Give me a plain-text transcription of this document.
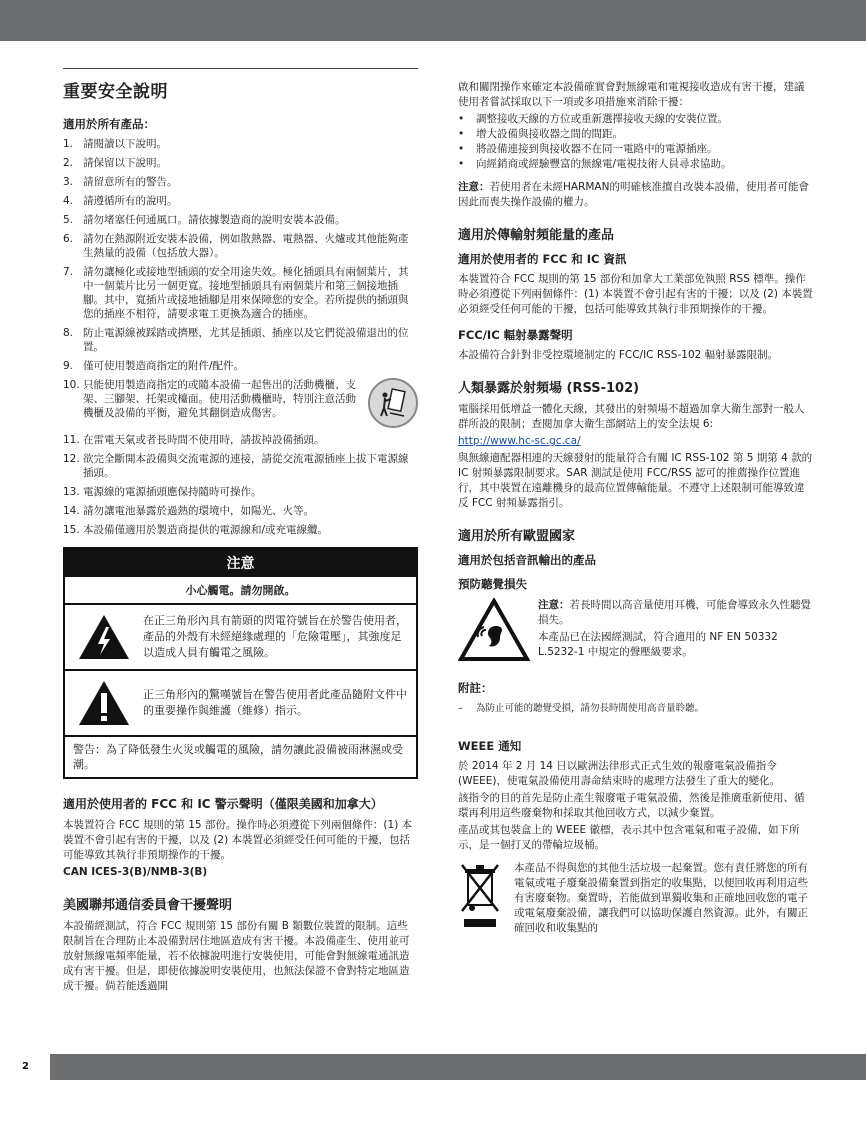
重要安全說明
適用於所有產品：
1. 請閱讀以下說明。
2. 請保留以下說明。
3. 請留意所有的警告。
4. 請遵循所有的說明。
5. 請勿堵塞任何通風口。請依據製造商的說明安裝本設備。
6. 請勿在熱源附近安裝本設備，例如散熱器、電熱器、火爐或其他能夠產生熱量的設備（包括放大器）。
7. 請勿讓極化或接地型插頭的安全用途失效。極化插頭具有兩個葉片，其中一個葉片比另一個更寬。接地型插頭具有兩個葉片和第三個接地插腳。其中，寬插片或接地插腳是用來保障您的安全。若所提供的插頭與您的插座不相符，請要求電工更換為適合的插座。
8. 防止電源線被踩踏或擠壓，尤其是插頭、插座以及它們從設備退出的位置。
9. 僅可使用製造商指定的附件/配件。
10. 只能使用製造商指定的或隨本設備一起售出的活動機櫃、支架、三腳架、托架或檯面。使用活動機櫃時，特別注意活動機櫃及設備的平衡，避免其翻倒造成傷害。
11. 在雷電天氣或者長時間不使用時，請拔掉設備插頭。
12. 欲完全斷開本設備與交流電源的連接，請從交流電源插座上拔下電源線插頭。
13. 電源線的電源插頭應保持隨時可操作。
14. 請勿讓電池暴露於過熱的環境中，如陽光、火等。
15. 本設備僅適用於製造商提供的電源線和/或充電線纜。
注意
小心觸電。請勿開啟。
在正三角形內具有箭頭的閃電符號旨在於警告使用者，產品的外殼有未經絕緣處理的「危險電壓」，其強度足以造成人員有觸電之風險。
正三角形內的驚嘆號旨在警告使用者此產品隨附文件中的重要操作與維護（維修）指示。
警告：為了降低發生火災或觸電的風險，請勿讓此設備被雨淋濕或受潮。
適用於使用者的 FCC 和 IC 警示聲明（僅限美國和加拿大）

本裝置符合 FCC 規則的第 15 部份。操作時必須遵從下列兩個條件：(1) 本裝置不會引起有害的干擾，以及 (2) 本裝置必須經受任何可能的干擾，包括可能導致其執行非預期操作的干擾。

CAN ICES-3(B)/NMB-3(B)

美國聯邦通信委員會干擾聲明

本設備經測試，符合 FCC 規則第 15 部份有關 B 類數位裝置的限制。這些限制旨在合理防止本設備對居住地區造成有害干擾。本設備產生、使用並可放射無線電頻率能量，若不依據說明進行安裝使用，可能會對無線電通訊造成有害干擾。但是，即使依據說明安裝使用，也無法保證不會對特定地區造成干擾。倘若能透過開

啟和關閉操作來確定本設備確實會對無線電和電視接收造成有害干擾，建議使用者嘗試採取以下一項或多項措施來消除干擾：

•	調整接收天線的方位或重新選擇接收天線的安裝位置。
•	增大設備與接收器之間的間距。
•	將設備連接到與接收器不在同一電路中的電源插座。
•	向經銷商或經驗豐富的無線電/電視技術人員尋求協助。

注意：若使用者在未經HARMAN的明確核准擅自改裝本設備，使用者可能會因此而喪失操作設備的權力。

適用於傳輸射頻能量的產品
適用於使用者的 FCC 和 IC 資訊

本裝置符合 FCC 規則的第 15 部份和加拿大工業部免執照 RSS 標準。操作時必須遵從下列兩個條件：(1) 本裝置不會引起有害的干擾；以及 (2) 本裝置必須經受任何可能的干擾，包括可能導致其執行非預期操作的干擾。

FCC/IC 輻射暴露聲明

本設備符合針對非受控環境制定的 FCC/IC RSS-102 輻射暴露限制。

人類暴露於射頻場 (RSS-102)

電腦採用低增益一體化天線，其發出的射頻場不超過加拿大衛生部對一般人群所設的限制；查閱加拿大衛生部網站上的安全法規 6:

http://www.hc-sc.gc.ca/

與無線適配器相連的天線發射的能量符合有關 IC RSS-102 第 5 期第 4 款的 IC 射頻暴露限制要求。SAR 測試是使用 FCC/RSS 認可的推薦操作位置進行，其中裝置在遠離機身的最高位置傳輸能量。不遵守上述限制可能導致違反 FCC 射頻暴露指引。

適用於所有歐盟國家
適用於包括音訊輸出的產品
預防聽覺損失

注意：若長時間以高音量使用耳機，可能會導致永久性聽覺損失。

本產品已在法國經測試，符合適用的 NF EN 50332 L.5232-1 中規定的聲壓級要求。

附註：

– 為防止可能的聽覺受損，請勿長時間使用高音量聆聽。

WEEE 通知

於 2014 年 2 月 14 日以歐洲法律形式正式生效的報廢電氣設備指令 (WEEE)，使電氣設備使用壽命結束時的處理方法發生了重大的變化。

該指令的目的首先是防止產生報廢電子電氣設備，然後是推廣重新使用、循環再利用這些廢棄物和採取其他回收方式，以減少棄置。

產品或其包裝盒上的 WEEE 徽標，表示其中包含電氣和電子設備，如下所示，是一個打叉的帶輪垃圾桶。

本產品不得與您的其他生活垃圾一起棄置。您有責任將您的所有電氣或電子廢棄設備棄置到指定的收集點，以便回收再利用這些有害廢棄物。棄置時，若能做到單獨收集和正確地回收您的電子或電氣廢棄設備，讓我們可以協助保護自然資源。此外，有關正確回收和收集點的

2
